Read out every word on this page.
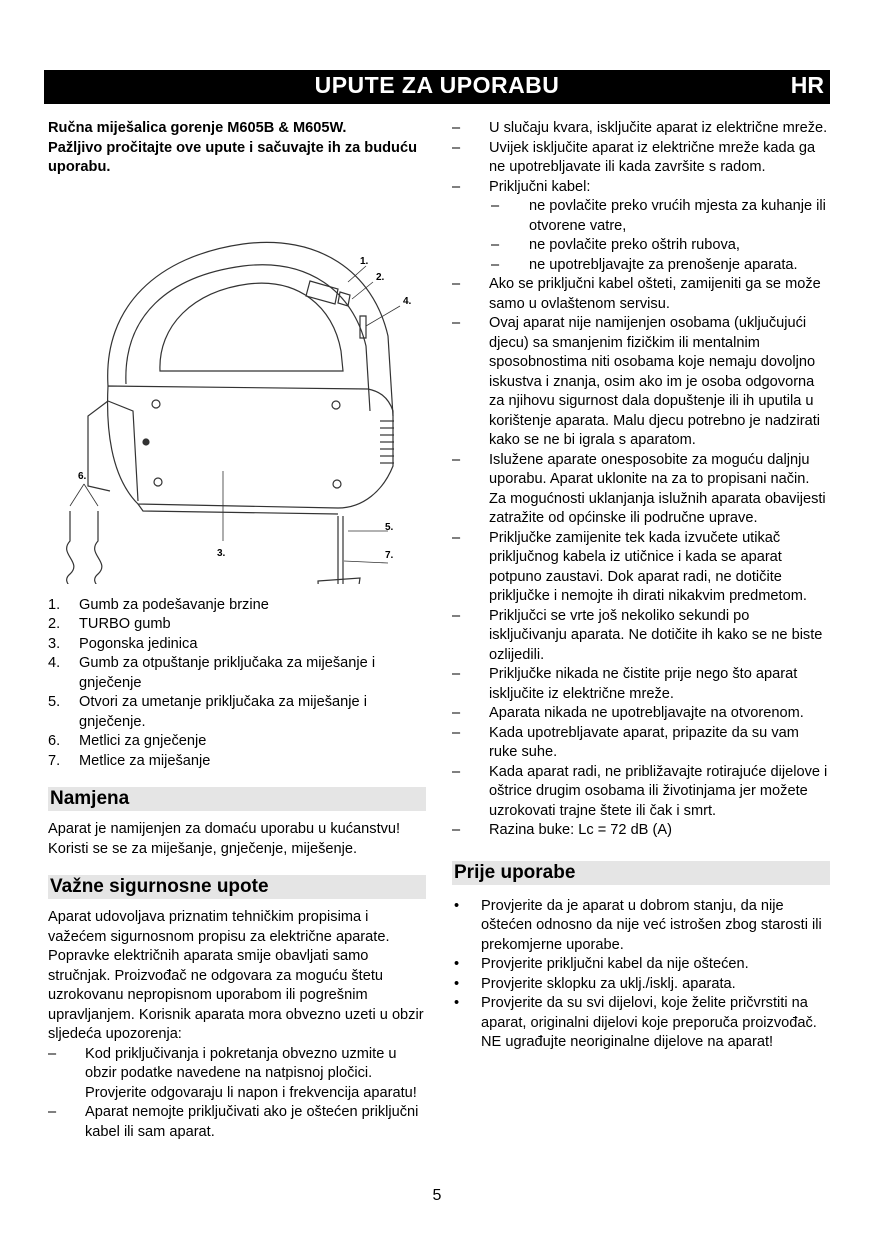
UPUTE ZA UPORABU	HR

Ručna miješalica gorenje M605B & M605W.

Pažljivo pročitajte ove upute i sačuvajte ih za buduću uporabu.

1.
2.
3.
4.
5.
6.
7.
1. Gumb za podešavanje brzine
2. TURBO gumb
3. Pogonska jedinica
4. Gumb za otpuštanje priključaka za miješanje i gnječenje
5. Otvori za umetanje priključaka za miješanje i gnječenje.
6. Metlici za gnječenje
7. Metlice za miješanje
Namjena

Aparat je namijenjen za domaću uporabu u kućanstvu! Koristi se se za miješanje, gnječenje, miješenje.

Važne sigurnosne upote

Aparat udovoljava priznatim tehničkim propisima i važećem sigurnosnom propisu za električne aparate. Popravke električnih aparata smije obavljati samo stručnjak. Proizvođač ne odgovara za moguću štetu uzrokovanu nepropisnom uporabom ili pogrešnim upravljanjem. Korisnik aparata mora obvezno uzeti u obzir sljedeća upozorenja:

– Kod priključivanja i pokretanja obvezno uzmite u obzir podatke navedene na natpisnoj pločici. Provjerite odgovaraju li napon i frekvencija aparatu!
– Aparat nemojte priključivati ako je oštećen priključni kabel ili sam aparat.
– U slučaju kvara, isključite aparat iz električne mreže.
– Uvijek isključite aparat iz električne mreže kada ga ne upotrebljavate ili kada završite s radom.
– Priključni kabel:
– ne povlačite preko vrućih mjesta za kuhanje ili otvorene vatre,
– ne povlačite preko oštrih rubova,
– ne upotrebljavajte za prenošenje aparata.
– Ako se priključni kabel ošteti, zamijeniti ga se može samo u ovlaštenom servisu.
– Ovaj aparat nije namijenjen osobama (uključujući djecu) sa smanjenim fizičkim ili mentalnim sposobnostima niti osobama koje nemaju dovoljno iskustva i znanja, osim ako im je osoba odgovorna za njihovu sigurnost dala dopuštenje ili ih uputila u korištenje aparata. Malu djecu potrebno je nadzirati kako se ne bi igrala s aparatom.
– Islužene aparate onesposobite za moguću daljnju uporabu. Aparat uklonite na za to propisani način. Za mogućnosti uklanjanja islužnih aparata obavijesti zatražite od općinske ili područne uprave.
– Priključke zamijenite tek kada izvučete utikač priključnog kabela iz utičnice i kada se aparat potpuno zaustavi. Dok aparat radi, ne dotičite priključke i nemojte ih dirati nikakvim predmetom.
– Priključci se vrte još nekoliko sekundi po isključivanju aparata. Ne dotičite ih kako se ne biste ozlijedili.
– Priključke nikada ne čistite prije nego što aparat isključite iz električne mreže.
– Aparata nikada ne upotrebljavajte na otvorenom.
– Kada upotrebljavate aparat, pripazite da su vam ruke suhe.
– Kada aparat radi, ne približavajte rotirajuće dijelove i oštrice drugim osobama ili životinjama jer možete uzrokovati trajne štete ili čak i smrt.
– Razina buke: Lc = 72 dB (A)
Prije uporabe
• Provjerite da je aparat u dobrom stanju, da nije oštećen odnosno da nije već istrošen zbog starosti ili prekomjerne uporabe.
• Provjerite priključni kabel da nije oštećen.
• Provjerite sklopku za uklj./isklj. aparata.
• Provjerite da su svi dijelovi, koje želite pričvrstiti na aparat, originalni dijelovi koje preporuča proizvođač. NE ugrađujte neoriginalne dijelove na aparat!
5
